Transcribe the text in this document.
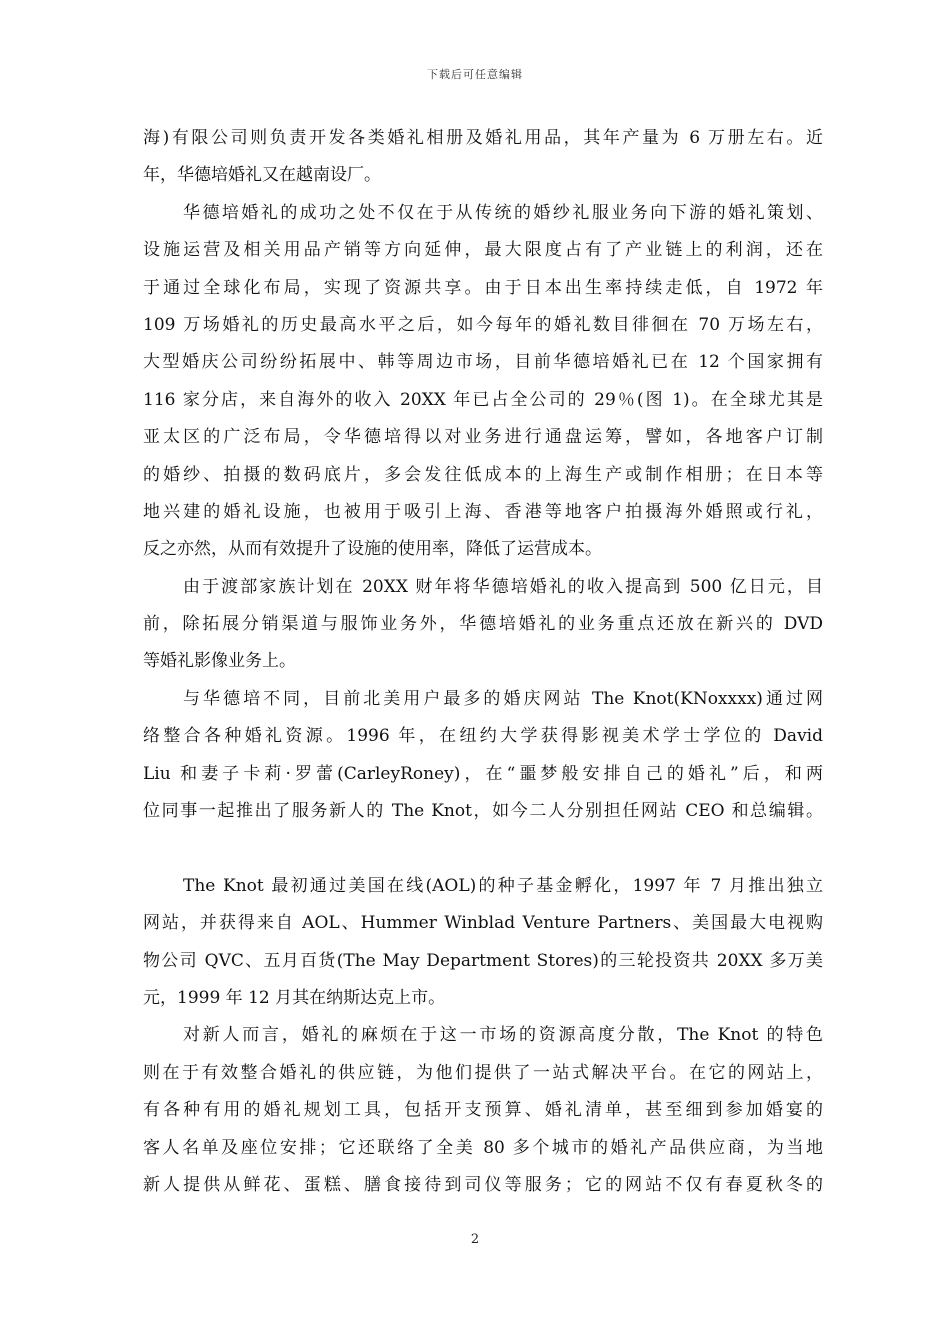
下载后可任意编辑
海)有限公司则负责开发各类婚礼相册及婚礼用品，其年产量为 6 万册左右。近
年，华德培婚礼又在越南设厂。
华德培婚礼的成功之处不仅在于从传统的婚纱礼服业务向下游的婚礼策划、
设施运营及相关用品产销等方向延伸，最大限度占有了产业链上的利润，还在
于通过全球化布局，实现了资源共享。由于日本出生率持续走低，自 1972 年
109 万场婚礼的历史最高水平之后，如今每年的婚礼数目徘徊在 70 万场左右，
大型婚庆公司纷纷拓展中、韩等周边市场，目前华德培婚礼已在 12 个国家拥有
116 家分店，来自海外的收入 20XX 年已占全公司的 29％(图 1)。在全球尤其是
亚太区的广泛布局，令华德培得以对业务进行通盘运筹，譬如，各地客户订制
的婚纱、拍摄的数码底片，多会发往低成本的上海生产或制作相册；在日本等
地兴建的婚礼设施，也被用于吸引上海、香港等地客户拍摄海外婚照或行礼，
反之亦然，从而有效提升了设施的使用率，降低了运营成本。
由于渡部家族计划在 20XX 财年将华德培婚礼的收入提高到 500 亿日元，目
前，除拓展分销渠道与服饰业务外，华德培婚礼的业务重点还放在新兴的 DVD
等婚礼影像业务上。
与华德培不同，目前北美用户最多的婚庆网站 The Knot(KNoxxxx)通过网
络整合各种婚礼资源。1996 年，在纽约大学获得影视美术学士学位的 David
Liu 和妻子卡莉·罗蕾(CarleyRoney)，在“噩梦般安排自己的婚礼”后，和两
位同事一起推出了服务新人的 The Knot，如今二人分别担任网站 CEO 和总编辑。
The Knot 最初通过美国在线(AOL)的种子基金孵化，1997 年 7 月推出独立
网站，并获得来自 AOL、Hummer Winblad Venture Partners、美国最大电视购
物公司 QVC、五月百货(The May Department Stores)的三轮投资共 20XX 多万美
元，1999 年 12 月其在纳斯达克上市。
对新人而言，婚礼的麻烦在于这一市场的资源高度分散，The Knot 的特色
则在于有效整合婚礼的供应链，为他们提供了一站式解决平台。在它的网站上，
有各种有用的婚礼规划工具，包括开支预算、婚礼清单，甚至细到参加婚宴的
客人名单及座位安排；它还联络了全美 80 多个城市的婚礼产品供应商，为当地
新人提供从鲜花、蛋糕、膳食接待到司仪等服务；它的网站不仅有春夏秋冬的
2
